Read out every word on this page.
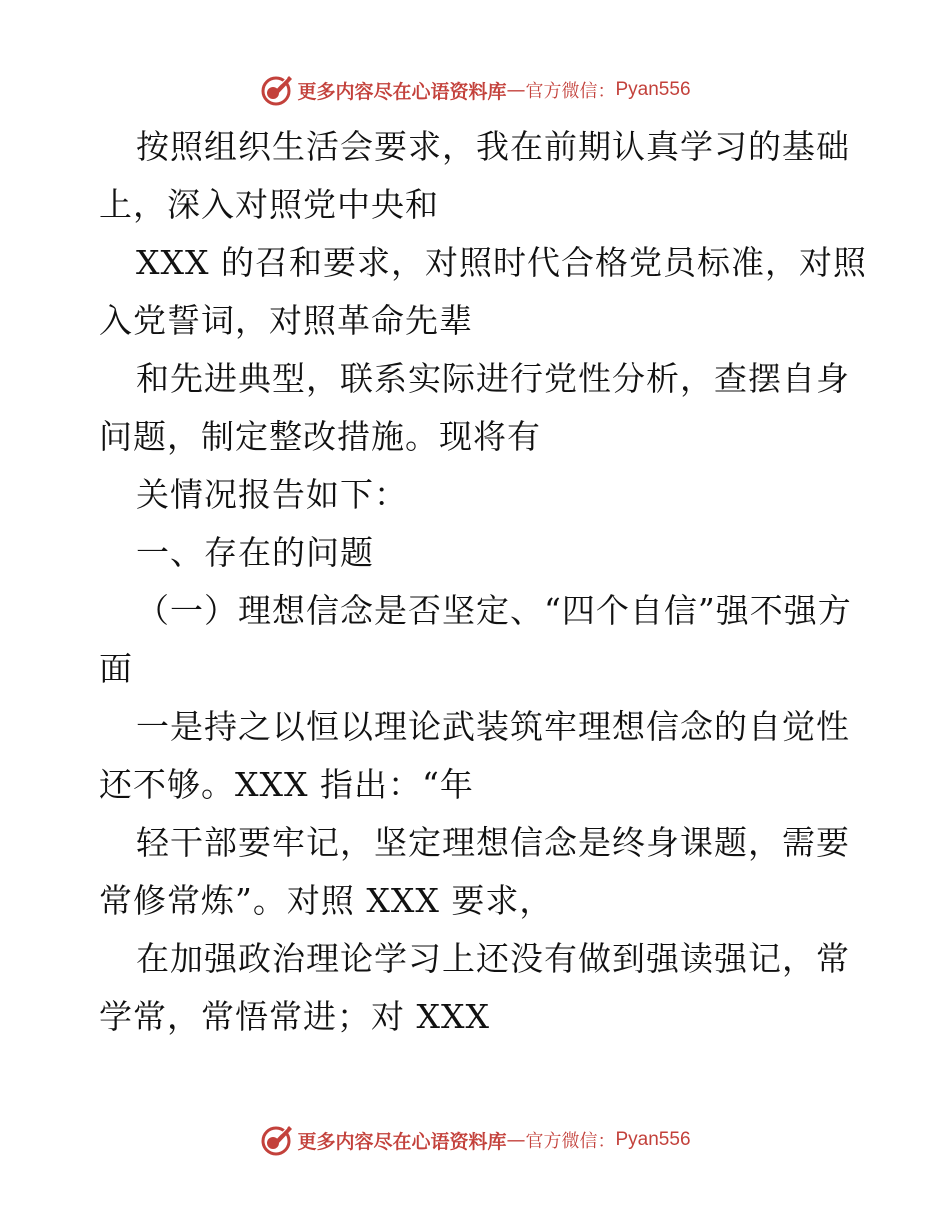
更多内容尽在心语资料库 — 官方微信： Pyan556
按照组织生活会要求，我在前期认真学习的基础
上，深入对照党中央和
XXX 的召和要求，对照时代合格党员标准，对照
入党誓词，对照革命先辈
和先进典型，联系实际进行党性分析，查摆自身
问题，制定整改措施。现将有
关情况报告如下：
一、存在的问题
（一）理想信念是否坚定、“四个自信”强不强方
面
一是持之以恒以理论武装筑牢理想信念的自觉性
还不够。XXX 指出：“年
轻干部要牢记，坚定理想信念是终身课题，需要
常修常炼”。对照 XXX 要求，
在加强政治理论学习上还没有做到强读强记，常
学常，常悟常进；对 XXX
更多内容尽在心语资料库 — 官方微信： Pyan556
